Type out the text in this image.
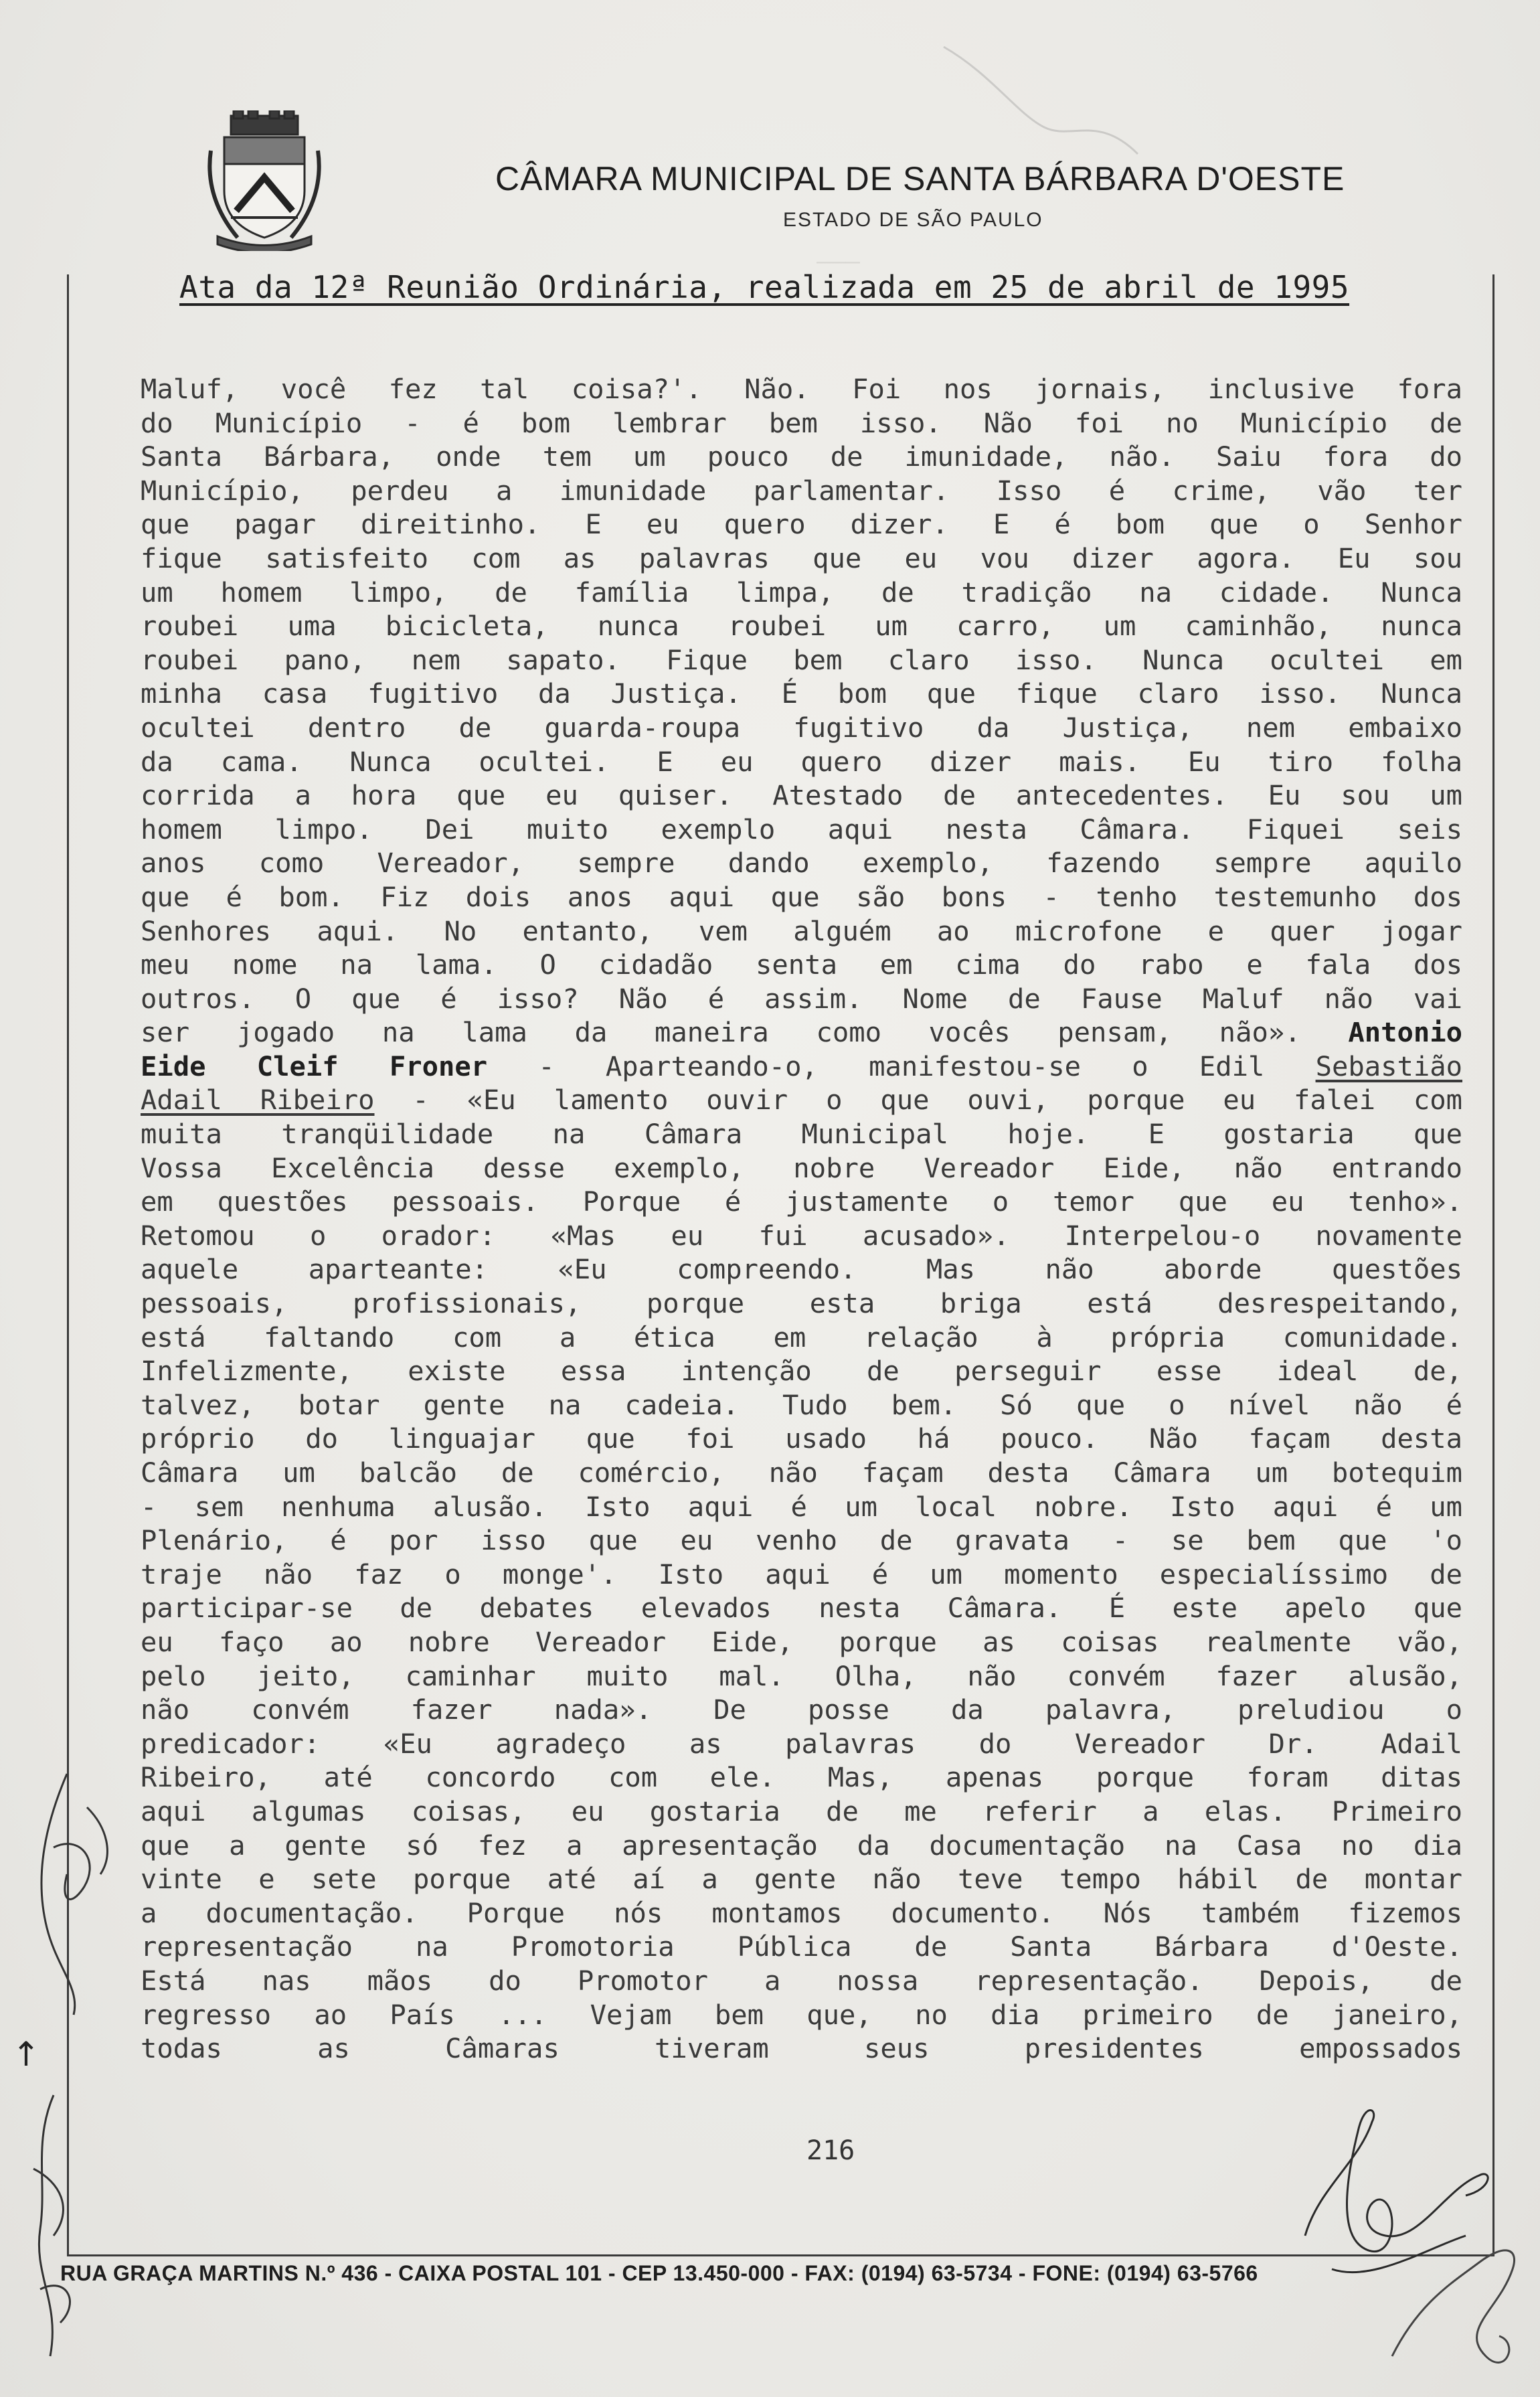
———
CÂMARA MUNICIPAL DE SANTA BÁRBARA D'OESTE
ESTADO DE SÃO PAULO
Ata da 12ª Reunião Ordinária, realizada em 25 de abril de 1995
Maluf, você fez tal coisa?'. Não. Foi nos jornais, inclusive fora
do Município - é bom lembrar bem isso. Não foi no Município de
Santa Bárbara, onde tem um pouco de imunidade, não. Saiu fora do
Município, perdeu a imunidade parlamentar. Isso é crime, vão ter
que pagar direitinho. E eu quero dizer. E é bom que o Senhor
fique satisfeito com as palavras que eu vou dizer agora. Eu sou
um homem limpo, de família limpa, de tradição na cidade. Nunca
roubei uma bicicleta, nunca roubei um carro, um caminhão, nunca
roubei pano, nem sapato. Fique bem claro isso. Nunca ocultei em
minha casa fugitivo da Justiça. É bom que fique claro isso. Nunca
ocultei dentro de guarda-roupa fugitivo da Justiça, nem embaixo
da cama. Nunca ocultei. E eu quero dizer mais. Eu tiro folha
corrida a hora que eu quiser. Atestado de antecedentes. Eu sou um
homem limpo. Dei muito exemplo aqui nesta Câmara. Fiquei seis
anos como Vereador, sempre dando exemplo, fazendo sempre aquilo
que é bom. Fiz dois anos aqui que são bons - tenho testemunho dos
Senhores aqui. No entanto, vem alguém ao microfone e quer jogar
meu nome na lama. O cidadão senta em cima do rabo e fala dos
outros. O que é isso? Não é assim. Nome de Fause Maluf não vai
ser jogado na lama da maneira como vocês pensam, não». Antonio
Eide Cleif Froner - Aparteando-o, manifestou-se o Edil Sebastião
Adail Ribeiro - «Eu lamento ouvir o que ouvi, porque eu falei com
muita tranqüilidade na Câmara Municipal hoje. E gostaria que
Vossa Excelência desse exemplo, nobre Vereador Eide, não entrando
em questões pessoais. Porque é justamente o temor que eu tenho».
Retomou o orador: «Mas eu fui acusado». Interpelou-o novamente
aquele aparteante: «Eu compreendo. Mas não aborde questões
pessoais, profissionais, porque esta briga está desrespeitando,
está faltando com a ética em relação à própria comunidade.
Infelizmente, existe essa intenção de perseguir esse ideal de,
talvez, botar gente na cadeia. Tudo bem. Só que o nível não é
próprio do linguajar que foi usado há pouco. Não façam desta
Câmara um balcão de comércio, não façam desta Câmara um botequim
- sem nenhuma alusão. Isto aqui é um local nobre. Isto aqui é um
Plenário, é por isso que eu venho de gravata - se bem que 'o
traje não faz o monge'. Isto aqui é um momento especialíssimo de
participar-se de debates elevados nesta Câmara. É este apelo que
eu faço ao nobre Vereador Eide, porque as coisas realmente vão,
pelo jeito, caminhar muito mal. Olha, não convém fazer alusão,
não convém fazer nada». De posse da palavra, preludiou o
predicador: «Eu agradeço as palavras do Vereador Dr. Adail
Ribeiro, até concordo com ele. Mas, apenas porque foram ditas
aqui algumas coisas, eu gostaria de me referir a elas. Primeiro
que a gente só fez a apresentação da documentação na Casa no dia
vinte e sete porque até aí a gente não teve tempo hábil de montar
a documentação. Porque nós montamos documento. Nós também fizemos
representação na Promotoria Pública de Santa Bárbara d'Oeste.
Está nas mãos do Promotor a nossa representação. Depois, de
regresso ao País ... Vejam bem que, no dia primeiro de janeiro,
todas as Câmaras tiveram seus presidentes empossados
216
RUA GRAÇA MARTINS N.º 436 - CAIXA POSTAL 101 - CEP 13.450-000 - FAX: (0194) 63-5734 - FONE: (0194) 63-5766
↑
